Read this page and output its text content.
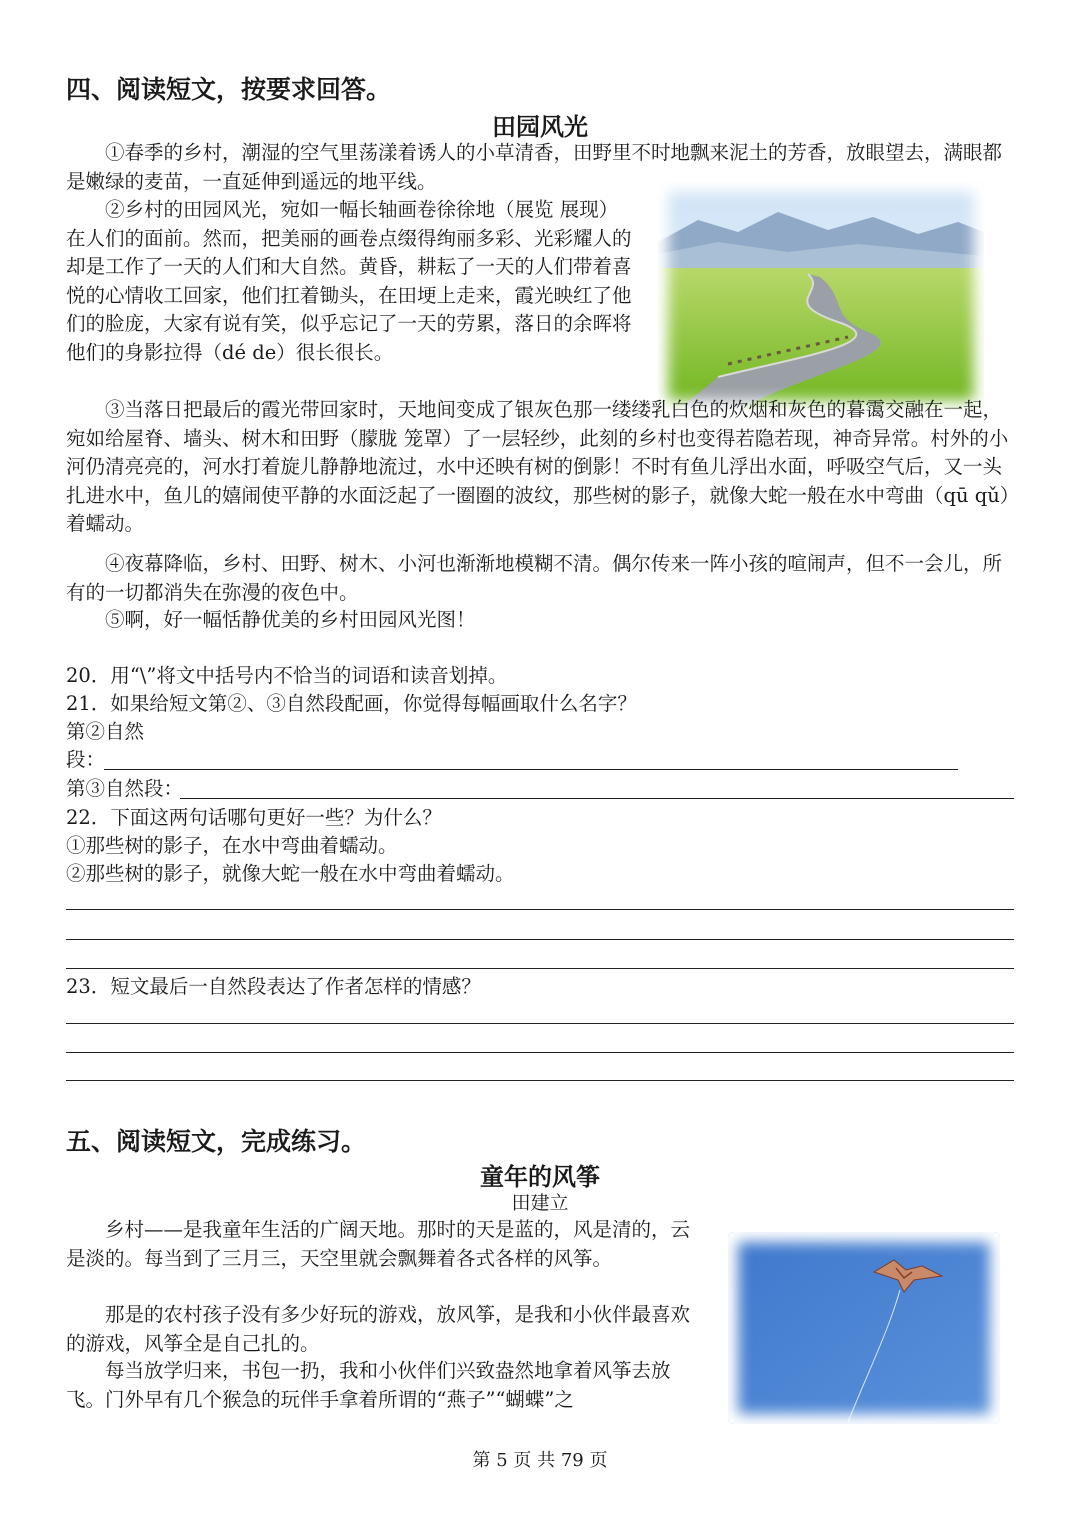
四、阅读短文，按要求回答。
田园风光
①春季的乡村，潮湿的空气里荡漾着诱人的小草清香，田野里不时地飘来泥土的芳香，放眼望去，满眼都是嫩绿的麦苗，一直延伸到遥远的地平线。
②乡村的田园风光，宛如一幅长轴画卷徐徐地（展览 展现）在人们的面前。然而，把美丽的画卷点缀得绚丽多彩、光彩耀人的却是工作了一天的人们和大自然。黄昏，耕耘了一天的人们带着喜悦的心情收工回家，他们扛着锄头，在田埂上走来，霞光映红了他们的脸庞，大家有说有笑，似乎忘记了一天的劳累，落日的余晖将他们的身影拉得（dé de）很长很长。
③当落日把最后的霞光带回家时，天地间变成了银灰色那一缕缕乳白色的炊烟和灰色的暮霭交融在一起，宛如给屋脊、墙头、树木和田野（朦胧 笼罩）了一层轻纱，此刻的乡村也变得若隐若现，神奇异常。村外的小河仍清亮亮的，河水打着旋儿静静地流过，水中还映有树的倒影！不时有鱼儿浮出水面，呼吸空气后，又一头扎进水中，鱼儿的嬉闹使平静的水面泛起了一圈圈的波纹，那些树的影子，就像大蛇一般在水中弯曲（qū qǔ）着蠕动。
④夜幕降临，乡村、田野、树木、小河也渐渐地模糊不清。偶尔传来一阵小孩的喧闹声，但不一会儿，所有的一切都消失在弥漫的夜色中。
⑤啊，好一幅恬静优美的乡村田园风光图！
20．用“\”将文中括号内不恰当的词语和读音划掉。
21．如果给短文第②、③自然段配画，你觉得每幅画取什么名字？
第②自然
段：
第③自然段：
22．下面这两句话哪句更好一些？为什么？
①那些树的影子，在水中弯曲着蠕动。
②那些树的影子，就像大蛇一般在水中弯曲着蠕动。
23．短文最后一自然段表达了作者怎样的情感？
五、阅读短文，完成练习。
童年的风筝
田建立
乡村——是我童年生活的广阔天地。那时的天是蓝的，风是清的，云是淡的。每当到了三月三，天空里就会飘舞着各式各样的风筝。
那是的农村孩子没有多少好玩的游戏，放风筝，是我和小伙伴最喜欢的游戏，风筝全是自己扎的。
每当放学归来，书包一扔，我和小伙伴们兴致盎然地拿着风筝去放飞。门外早有几个猴急的玩伴手拿着所谓的“燕子”“蝴蝶”之
第 5 页 共 79 页
